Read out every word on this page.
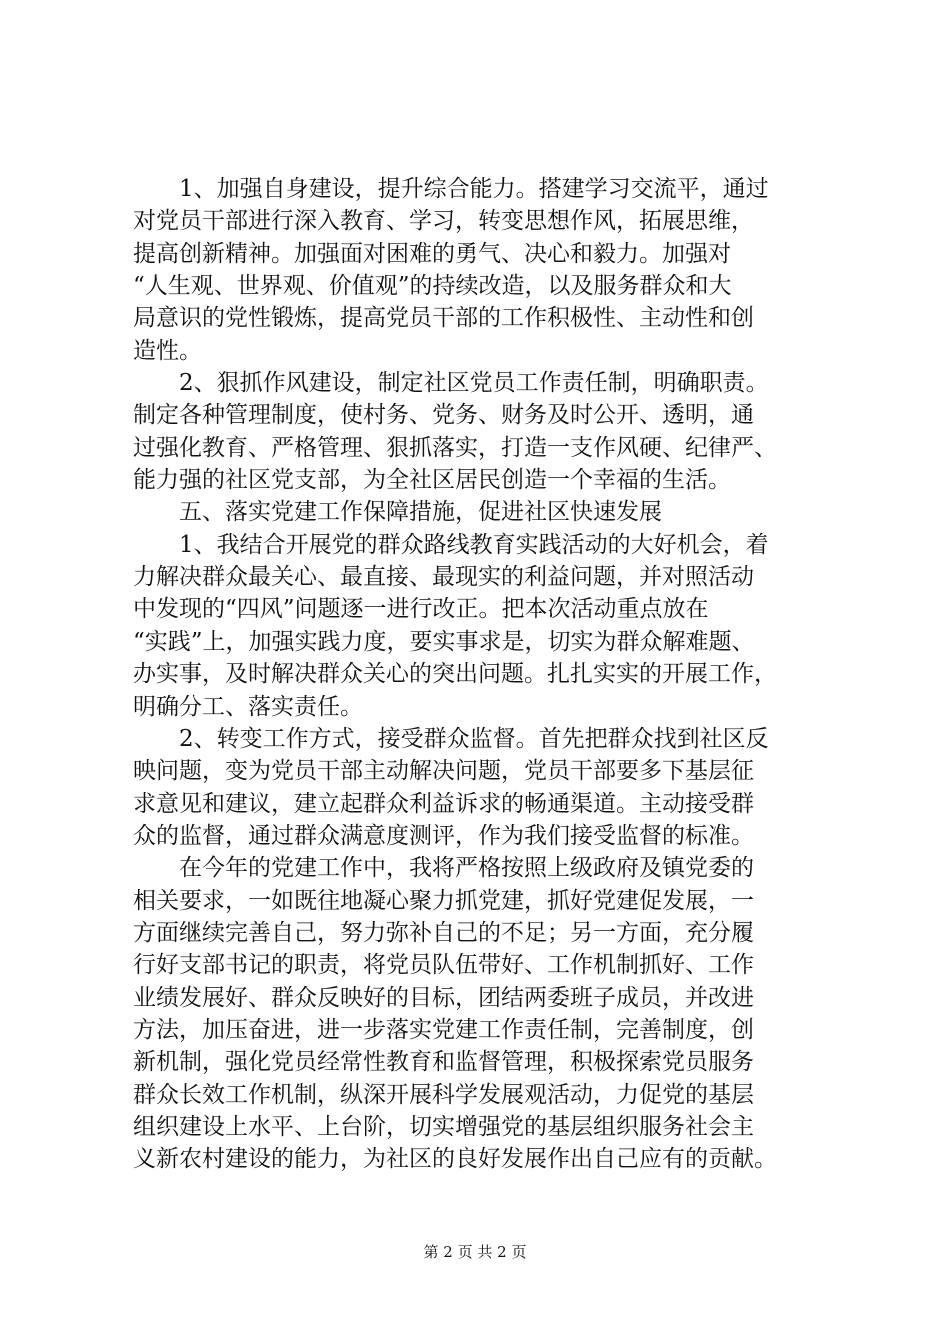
　　1、加强自身建设，提升综合能力。搭建学习交流平，通过
对党员干部进行深入教育、学习，转变思想作风，拓展思维，
提高创新精神。加强面对困难的勇气、决心和毅力。加强对
“人生观、世界观、价值观”的持续改造，以及服务群众和大
局意识的党性锻炼，提高党员干部的工作积极性、主动性和创
造性。
　　2、狠抓作风建设，制定社区党员工作责任制，明确职责。
制定各种管理制度，使村务、党务、财务及时公开、透明，通
过强化教育、严格管理、狠抓落实，打造一支作风硬、纪律严、
能力强的社区党支部，为全社区居民创造一个幸福的生活。
　　五、落实党建工作保障措施，促进社区快速发展
　　1、我结合开展党的群众路线教育实践活动的大好机会，着
力解决群众最关心、最直接、最现实的利益问题，并对照活动
中发现的“四风”问题逐一进行改正。把本次活动重点放在
“实践”上，加强实践力度，要实事求是，切实为群众解难题、
办实事，及时解决群众关心的突出问题。扎扎实实的开展工作，
明确分工、落实责任。
　　2、转变工作方式，接受群众监督。首先把群众找到社区反
映问题，变为党员干部主动解决问题，党员干部要多下基层征
求意见和建议，建立起群众利益诉求的畅通渠道。主动接受群
众的监督，通过群众满意度测评，作为我们接受监督的标准。
　　在今年的党建工作中，我将严格按照上级政府及镇党委的
相关要求，一如既往地凝心聚力抓党建，抓好党建促发展，一
方面继续完善自己，努力弥补自己的不足；另一方面，充分履
行好支部书记的职责，将党员队伍带好、工作机制抓好、工作
业绩发展好、群众反映好的目标，团结两委班子成员，并改进
方法，加压奋进，进一步落实党建工作责任制，完善制度，创
新机制，强化党员经常性教育和监督管理，积极探索党员服务
群众长效工作机制，纵深开展科学发展观活动，力促党的基层
组织建设上水平、上台阶，切实增强党的基层组织服务社会主
义新农村建设的能力，为社区的良好发展作出自己应有的贡献。
第 2 页 共 2 页
